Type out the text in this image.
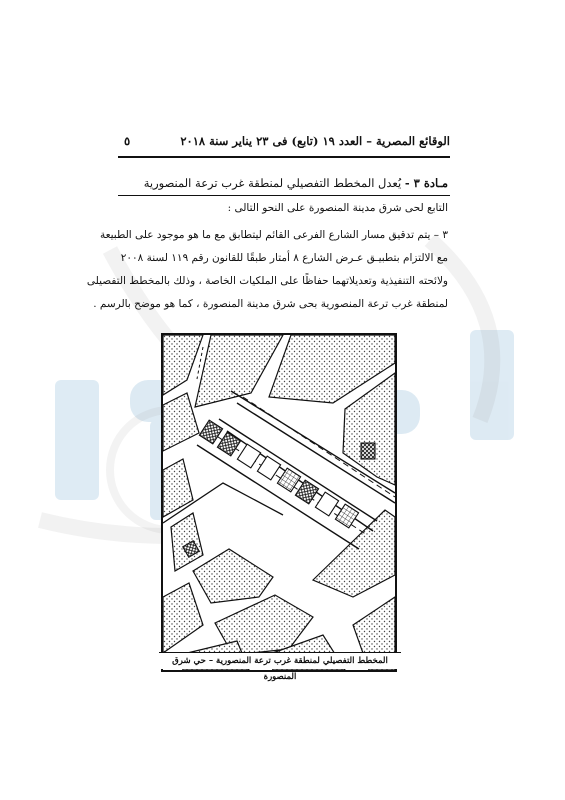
الوقائع المصرية – العدد ١٩ (تابع) فى ٢٣ يناير سنة ٢٠١٨
٥
مـادة ٣ - يُعدل المخطط التفصيلي لمنطقة غرب ترعة المنصورية
التابع لحى شرق مدينة المنصورة على النحو التالى :
٣ – يتم تدقيق مسار الشارع الفرعى القائم ليتطابق مع ما هو موجود على الطبيعة
مع الالتزام بتطبيـق عـرض الشارع ٨ أمتار طبقًا للقانون رقم ١١٩ لسنة ٢٠٠٨
ولائحته التنفيذية وتعديلاتهما حفاظًا على الملكيات الخاصة ، وذلك بالمخطط التفصيلى
لمنطقة غرب ترعة المنصورية بحى شرق مدينة المنصورة ، كما هو موضح بالرسم .
المخطط التفصيلي لمنطقة غرب ترعة المنصورية – حي شرق المنصورة
